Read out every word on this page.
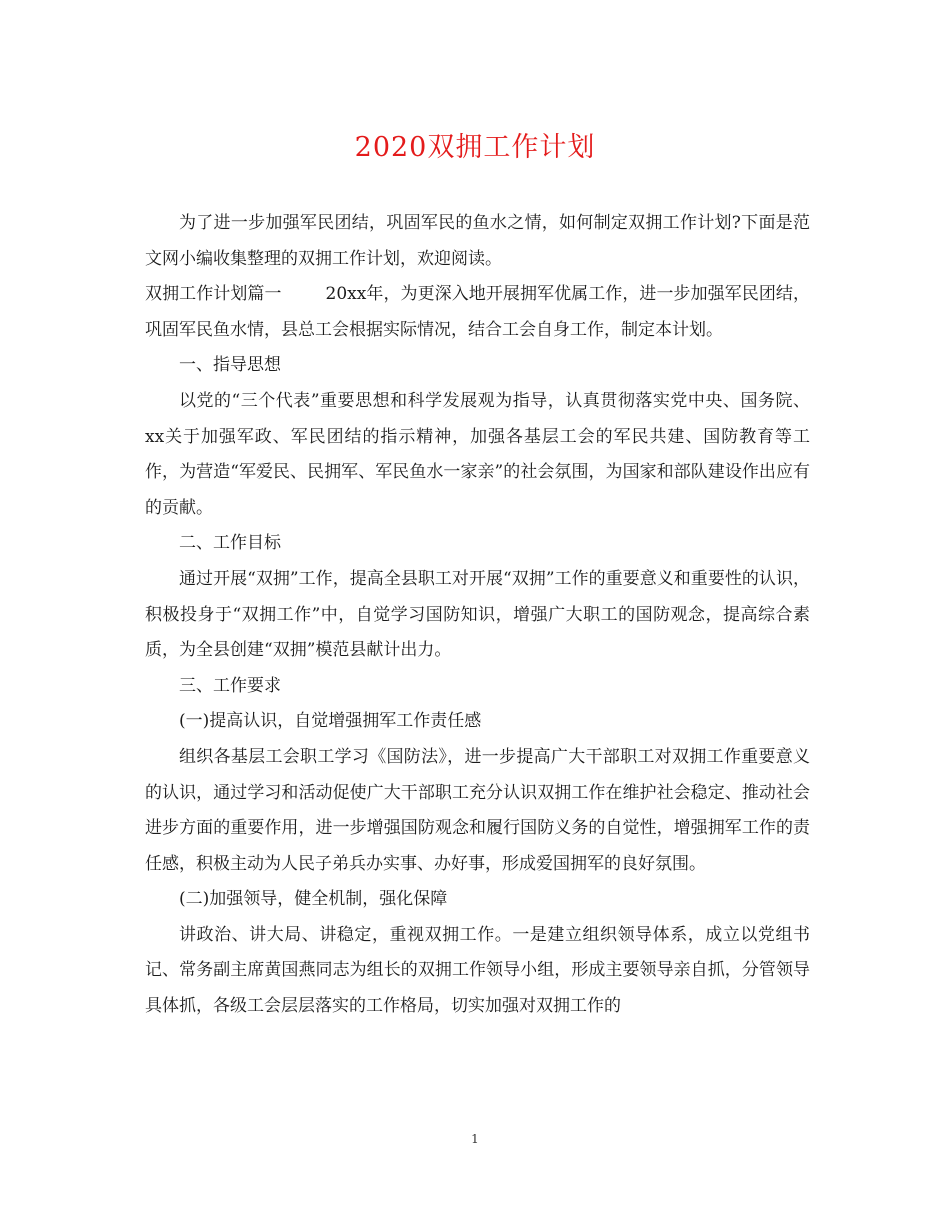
2020双拥工作计划

为了进一步加强军民团结，巩固军民的鱼水之情，如何制定双拥工作计划?下面是范文网小编收集整理的双拥工作计划，欢迎阅读。

双拥工作计划篇一	20xx年，为更深入地开展拥军优属工作，进一步加强军民团结，巩固军民鱼水情，县总工会根据实际情况，结合工会自身工作，制定本计划。

一、指导思想

以党的“三个代表”重要思想和科学发展观为指导，认真贯彻落实党中央、国务院、xx关于加强军政、军民团结的指示精神，加强各基层工会的军民共建、国防教育等工作，为营造“军爱民、民拥军、军民鱼水一家亲”的社会氛围，为国家和部队建设作出应有的贡献。

二、工作目标

通过开展“双拥”工作，提高全县职工对开展“双拥”工作的重要意义和重要性的认识，积极投身于“双拥工作”中，自觉学习国防知识，增强广大职工的国防观念，提高综合素质，为全县创建“双拥”模范县献计出力。

三、工作要求

(一)提高认识，自觉增强拥军工作责任感

组织各基层工会职工学习《国防法》，进一步提高广大干部职工对双拥工作重要意义的认识，通过学习和活动促使广大干部职工充分认识双拥工作在维护社会稳定、推动社会进步方面的重要作用，进一步增强国防观念和履行国防义务的自觉性，增强拥军工作的责任感，积极主动为人民子弟兵办实事、办好事，形成爱国拥军的良好氛围。

(二)加强领导，健全机制，强化保障

讲政治、讲大局、讲稳定，重视双拥工作。一是建立组织领导体系，成立以党组书记、常务副主席黄国燕同志为组长的双拥工作领导小组，形成主要领导亲自抓，分管领导具体抓，各级工会层层落实的工作格局，切实加强对双拥工作的

1
